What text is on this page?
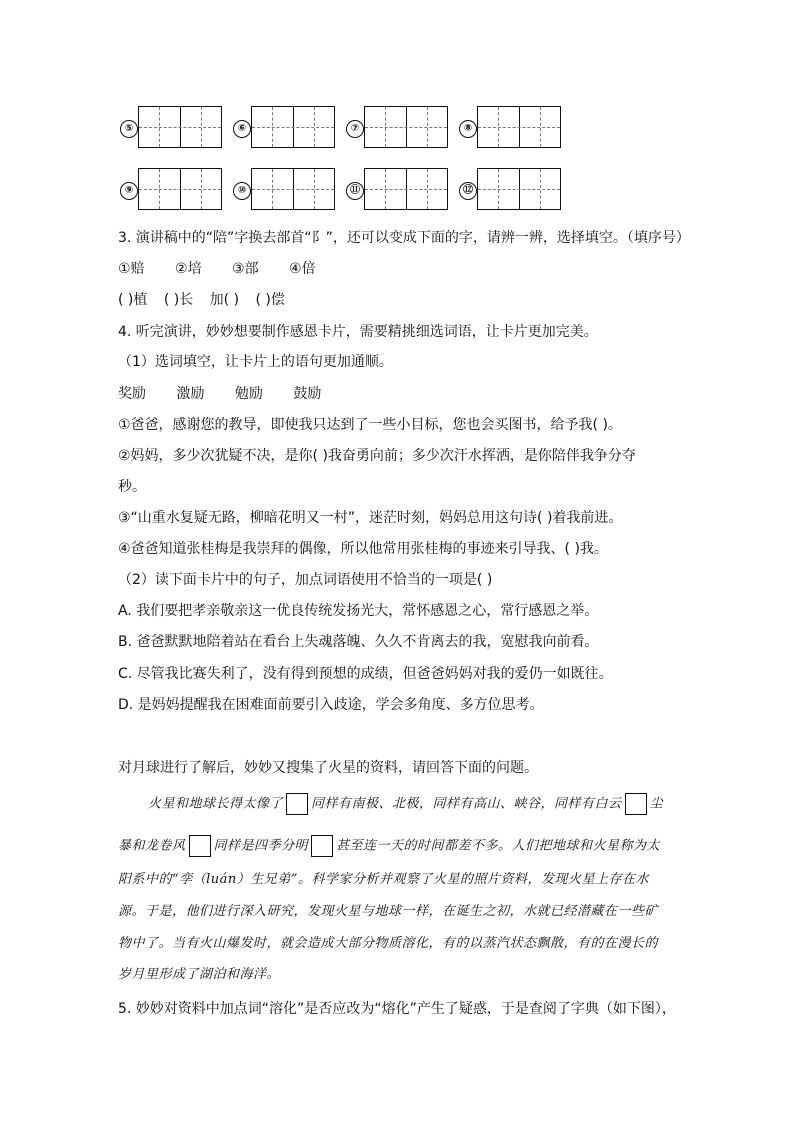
⑤	⑥	⑦	⑧
⑨	⑩	⑪	⑫
3. 演讲稿中的“陪”字换去部首“阝”，还可以变成下面的字，请辨一辨，选择填空。（填序号）
①赔 ②培 ③部 ④倍
( )植 ( )长 加( ) ( )偿
4. 听完演讲，妙妙想要制作感恩卡片，需要精挑细选词语，让卡片更加完美。
（1）选词填空，让卡片上的语句更加通顺。
奖励 激励 勉励 鼓励
①爸爸，感谢您的教导，即使我只达到了一些小目标，您也会买图书，给予我( )。
②妈妈，多少次犹疑不决，是你( )我奋勇向前；多少次汗水挥洒，是你陪伴我争分夺
秒。
③“山重水复疑无路，柳暗花明又一村”，迷茫时刻，妈妈总用这句诗( )着我前进。
④爸爸知道张桂梅是我崇拜的偶像，所以他常用张桂梅的事迹来引导我、( )我。
（2）读下面卡片中的句子，加点词语使用不恰当的一项是( )
A. 我们要把孝亲敬亲这一优良传统发扬光大，常怀感恩之心，常行感恩之举。
B. 爸爸默默地陪着站在看台上失魂落魄、久久不肯离去的我，宽慰我向前看。
C. 尽管我比赛失利了，没有得到预想的成绩，但爸爸妈妈对我的爱仍一如既往。
D. 是妈妈提醒我在困难面前要引入歧途，学会多角度、多方位思考。
对月球进行了解后，妙妙又搜集了火星的资料，请回答下面的问题。
火星和地球长得太像了 同样有南极、北极，同样有高山、峡谷，同样有白云 尘
暴和龙卷风 同样是四季分明 甚至连一天的时间都差不多。人们把地球和火星称为太
阳系中的“孪（luán）生兄弟”。科学家分析并观察了火星的照片资料，发现火星上存在水
源。于是，他们进行深入研究，发现火星与地球一样，在诞生之初，水就已经潜藏在一些矿
物中了。当有火山爆发时，就会造成大部分物质溶化，有的以蒸汽状态飘散，有的在漫长的
岁月里形成了湖泊和海洋。
5. 妙妙对资料中加点词“溶化”是否应改为“熔化”产生了疑惑，于是查阅了字典（如下图），
